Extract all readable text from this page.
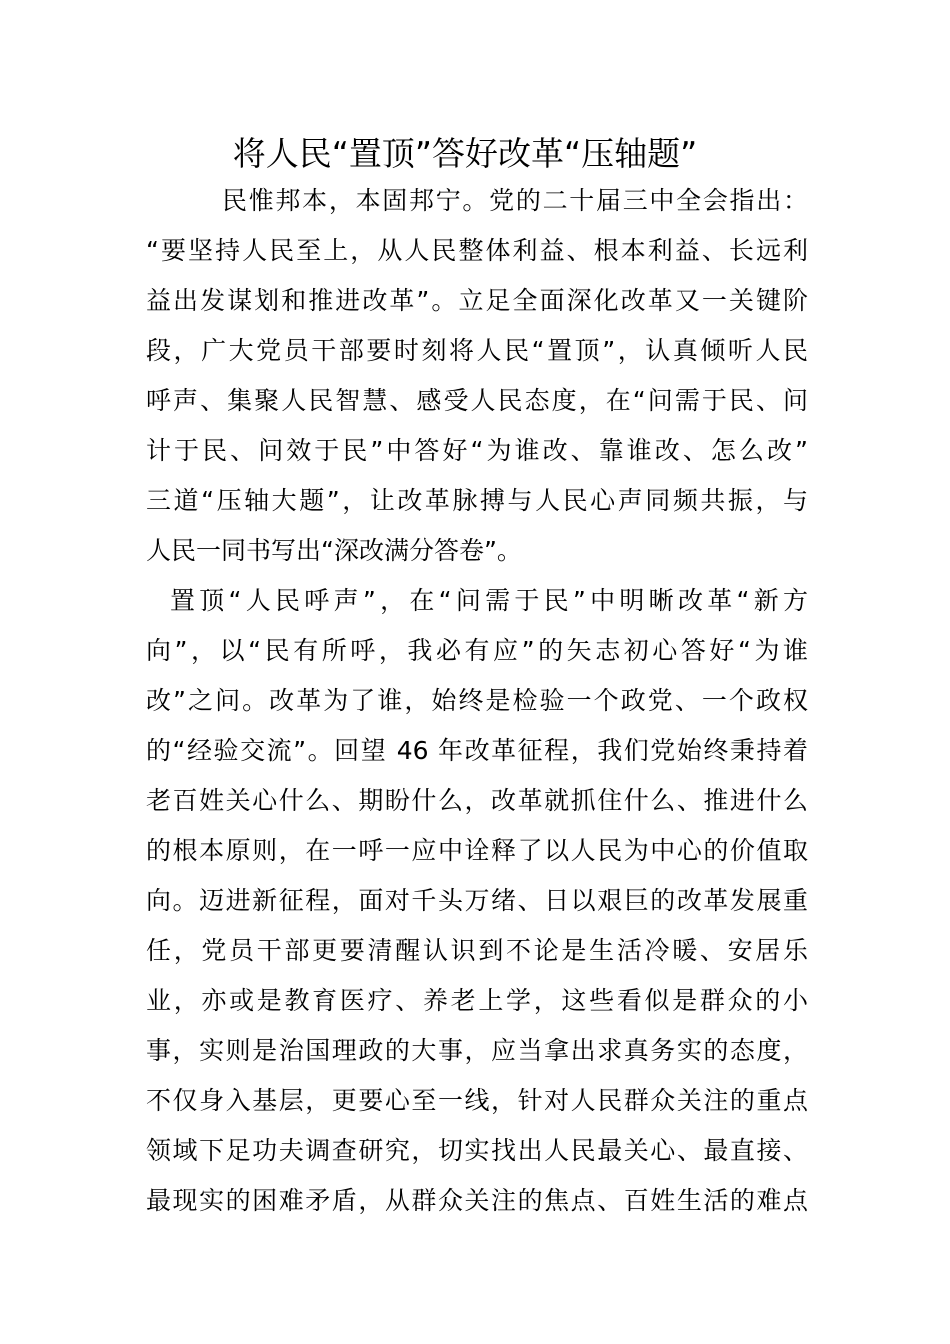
将人民“置顶”答好改革“压轴题”
民惟邦本，本固邦宁。党的二十届三中全会指出：
“要坚持人民至上，从人民整体利益、根本利益、长远利
益出发谋划和推进改革”。立足全面深化改革又一关键阶
段，广大党员干部要时刻将人民“置顶”，认真倾听人民
呼声、集聚人民智慧、感受人民态度，在“问需于民、问
计于民、问效于民”中答好“为谁改、靠谁改、怎么改”
三道“压轴大题”，让改革脉搏与人民心声同频共振，与
人民一同书写出“深改满分答卷”。
置顶“人民呼声”，在“问需于民”中明晰改革“新方
向”，以“民有所呼，我必有应”的矢志初心答好“为谁
改”之问。改革为了谁，始终是检验一个政党、一个政权
的“经验交流”。回望 46 年改革征程，我们党始终秉持着
老百姓关心什么、期盼什么，改革就抓住什么、推进什么
的根本原则，在一呼一应中诠释了以人民为中心的价值取
向。迈进新征程，面对千头万绪、日以艰巨的改革发展重
任，党员干部更要清醒认识到不论是生活冷暖、安居乐
业，亦或是教育医疗、养老上学，这些看似是群众的小
事，实则是治国理政的大事，应当拿出求真务实的态度，
不仅身入基层，更要心至一线，针对人民群众关注的重点
领域下足功夫调查研究，切实找出人民最关心、最直接、
最现实的困难矛盾，从群众关注的焦点、百姓生活的难点
